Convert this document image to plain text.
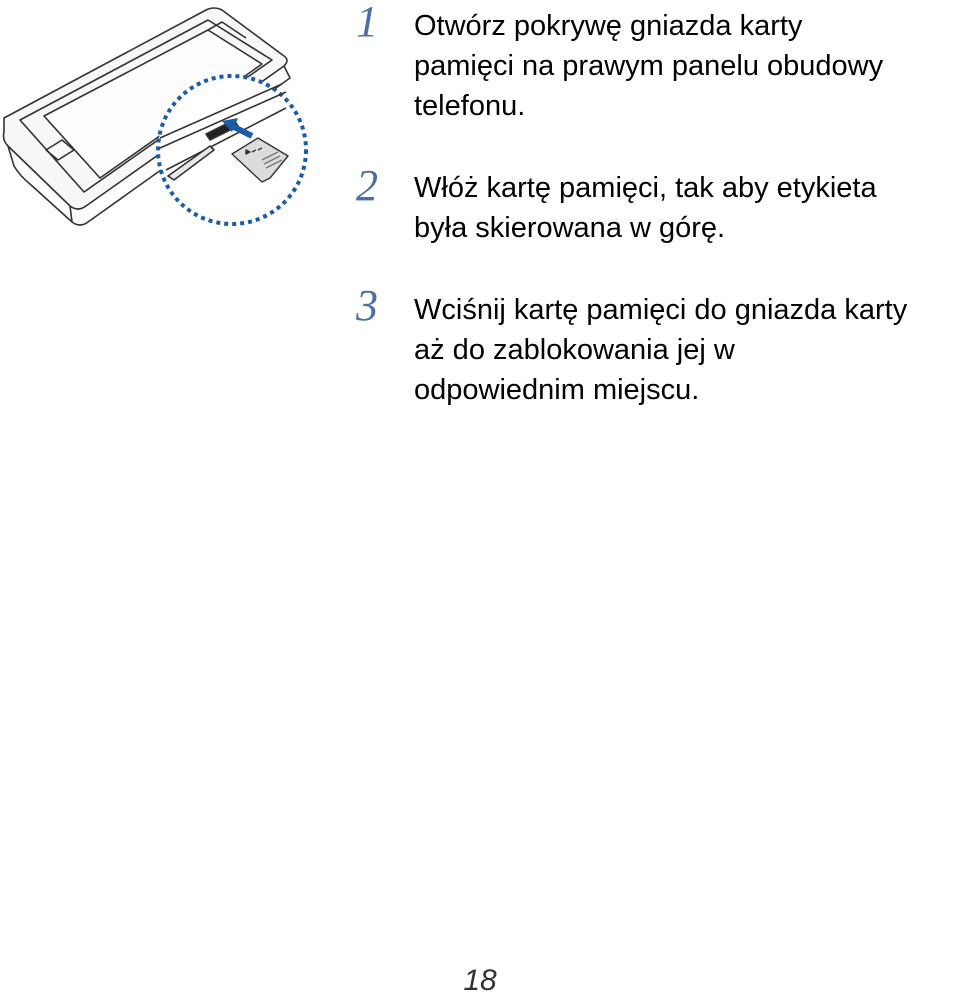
1 Otwórz pokrywę gniazda karty
pamięci na prawym panelu obudowy
telefonu.
2 Włóż kartę pamięci, tak aby etykieta
była skierowana w górę.
3 Wciśnij kartę pamięci do gniazda karty
aż do zablokowania jej w
odpowiednim miejscu.
18
